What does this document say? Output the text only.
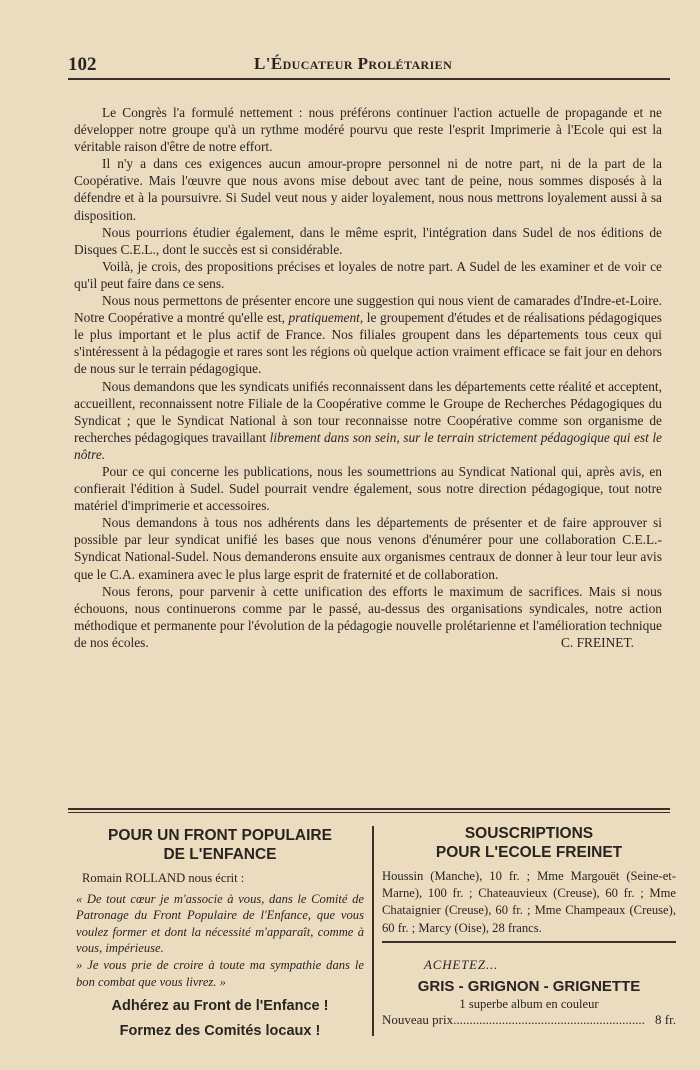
102	L'Éducateur Prolétarien

Le Congrès l'a formulé nettement : nous préférons continuer l'action actuelle de propagande et ne développer notre groupe qu'à un rythme modéré pourvu que reste l'esprit Imprimerie à l'Ecole qui est la véritable raison d'être de notre effort.

Il n'y a dans ces exigences aucun amour-propre personnel ni de notre part, ni de la part de la Coopérative. Mais l'œuvre que nous avons mise debout avec tant de peine, nous sommes disposés à la défendre et à la poursuivre. Si Sudel veut nous y aider loyalement, nous nous mettrons loyalement aussi à sa disposition.

Nous pourrions étudier également, dans le même esprit, l'intégration dans Sudel de nos éditions de Disques C.E.L., dont le succès est si considérable.

Voilà, je crois, des propositions précises et loyales de notre part. A Sudel de les examiner et de voir ce qu'il peut faire dans ce sens.

Nous nous permettons de présenter encore une suggestion qui nous vient de camarades d'Indre-et-Loire. Notre Coopérative a montré qu'elle est, pratiquement, le groupement d'études et de réalisations pédagogiques le plus important et le plus actif de France. Nos filiales groupent dans les départements tous ceux qui s'intéressent à la pédagogie et rares sont les régions où quelque action vraiment efficace se fait jour en dehors de nous sur le terrain pédagogique.

Nous demandons que les syndicats unifiés reconnaissent dans les départements cette réalité et acceptent, accueillent, reconnaissent notre Filiale de la Coopérative comme le Groupe de Recherches Pédagogiques du Syndicat ; que le Syndicat National à son tour reconnaisse notre Coopérative comme son organisme de recherches pédagogiques travaillant librement dans son sein, sur le terrain strictement pédagogique qui est le nôtre.

Pour ce qui concerne les publications, nous les soumettrions au Syndicat National qui, après avis, en confierait l'édition à Sudel. Sudel pourrait vendre également, sous notre direction pédagogique, tout notre matériel d'imprimerie et accessoires.

Nous demandons à tous nos adhérents dans les départements de présenter et de faire approuver si possible par leur syndicat unifié les bases que nous venons d'énumérer pour une collaboration C.E.L.-Syndicat National-Sudel. Nous demanderons ensuite aux organismes centraux de donner à leur tour leur avis que le C.A. examinera avec le plus large esprit de fraternité et de collaboration.

Nous ferons, pour parvenir à cette unification des efforts le maximum de sacrifices. Mais si nous échouons, nous continuerons comme par le passé, au-dessus des organisations syndicales, notre action méthodique et permanente pour l'évolution de la pédagogie nouvelle prolétarienne et l'amélioration technique de nos écoles.	C. FREINET.
POUR UN FRONT POPULAIRE
DE L'ENFANCE
Romain ROLLAND nous écrit :
« De tout cœur je m'associe à vous, dans le Comité de Patronage du Front Populaire de l'Enfance, que vous voulez former et dont la nécessité m'apparaît, comme à vous, impérieuse.
» Je vous prie de croire à toute ma sympathie dans le bon combat que vous livrez. »
Adhérez au Front de l'Enfance !
Formez des Comités locaux !
SOUSCRIPTIONS
POUR L'ECOLE FREINET
Houssin (Manche), 10 fr. ; Mme Margouët (Seine-et-Marne), 100 fr. ; Chateauvieux (Creuse), 60 fr. ; Mme Chataignier (Creuse), 60 fr. ; Mme Champeaux (Creuse), 60 fr. ; Marcy (Oise), 28 francs.
ACHETEZ...
GRIS - GRIGNON - GRIGNETTE
1 superbe album en couleur
Nouveau prix ........................................................... 8 fr.
